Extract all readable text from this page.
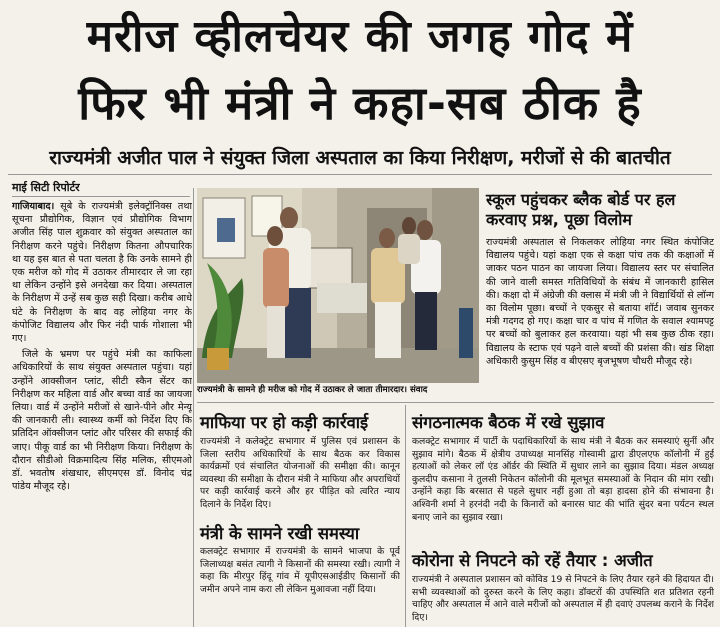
मरीज व्हीलचेयर की जगह गोद में
फिर भी मंत्री ने कहा-सब ठीक है
राज्यमंत्री अजीत पाल ने संयुक्त जिला अस्पताल का किया निरीक्षण, मरीजों से की बातचीत
माई सिटी रिपोर्टर

गाजियाबाद। सूबे के राज्यमंत्री इलेक्ट्रॉनिक्स तथा सूचना प्रौद्योगिक, विज्ञान एवं प्रौद्योगिक विभाग अजीत सिंह पाल शुक्रवार को संयुक्त अस्पताल का निरीक्षण करने पहुंचे। निरीक्षण कितना औपचारिक था यह इस बात से पता चलता है कि उनके सामने ही एक मरीज को गोद में उठाकर तीमारदार ले जा रहा था लेकिन उन्होंने इसे अनदेखा कर दिया। अस्पताल के निरीक्षण में उन्हें सब कुछ सही दिखा। करीब आधे घंटे के निरीक्षण के बाद वह लोहिया नगर के कंपोजिट विद्यालय और फिर नंदी पार्क गोशाला भी गए।

जिले के भ्रमण पर पहुंचे मंत्री का काफिला अधिकारियों के साथ संयुक्त अस्पताल पहुंचा। यहां उन्होंने आक्सीजन प्लांट, सीटी स्कैन सेंटर का निरीक्षण कर महिला वार्ड और बच्चा वार्ड का जायजा लिया। वार्ड में उन्होंने मरीजों से खाने-पीने और मेन्यू की जानकारी ली। स्वास्थ्य कर्मी को निर्देश दिए कि प्रतिदिन ऑक्सीजन प्लांट और परिसर की सफाई की जाए। पीकू वार्ड का भी निरीक्षण किया। निरीक्षण के दौरान सीडीओ विक्रमादित्य सिंह मलिक, सीएमओ डॉ. भवतोष शंखधार, सीएमएस डॉ. विनोद चंद्र पांडेय मौजूद रहे।

राज्यमंत्री के सामने ही मरीज को गोद में उठाकर ले जाता तीमारदार। संवाद
स्कूल पहुंचकर ब्लैक बोर्ड पर हल करवाए प्रश्न, पूछा विलोम

राज्यमंत्री अस्पताल से निकलकर लोहिया नगर स्थित कंपोजिट विद्यालय पहुंचे। यहां कक्षा एक से कक्षा पांच तक की कक्षाओं में जाकर पठन पाठन का जायजा लिया। विद्यालय स्तर पर संचालित की जाने वाली समस्त गतिविधियों के संबंध में जानकारी हासिल की। कक्षा दो में अंग्रेजी की क्लास में मंत्री जी ने विद्यार्थियों से लॉन्ग का विलोम पूछा। बच्चों ने एकसुर से बताया शॉर्ट। जवाब सुनकर मंत्री गदगद हो गए। कक्षा चार व पांच में गणित के सवाल श्यामपट्ट पर बच्चों को बुलाकर हल करवाया। यहां भी सब कुछ ठीक रहा। विद्यालय के स्टाफ एवं पढ़ने वाले बच्चों की प्रशंसा की। खंड शिक्षा अधिकारी कुसुम सिंह व बीएसए बृजभूषण चौधरी मौजूद रहे।

माफिया पर हो कड़ी कार्रवाई

राज्यमंत्री ने कलेक्ट्रेट सभागार में पुलिस एवं प्रशासन के जिला स्तरीय अधिकारियों के साथ बैठक कर विकास कार्यक्रमों एवं संचालित योजनाओं की समीक्षा की। कानून व्यवस्था की समीक्षा के दौरान मंत्री ने माफिया और अपराधियों पर कड़ी कार्रवाई करने और हर पीड़ित को त्वरित न्याय दिलाने के निर्देश दिए।

मंत्री के सामने रखी समस्या

कलक्ट्रेट सभागार में राज्यमंत्री के सामने भाजपा के पूर्व जिलाध्यक्ष बसंत त्यागी ने किसानों की समस्या रखी। त्यागी ने कहा कि मीरपुर हिंदू गांव में यूपीएसआईडीए किसानों की जमीन अपने नाम करा ली लेकिन मुआवजा नहीं दिया।

संगठनात्मक बैठक में रखे सुझाव

कलक्ट्रेट सभागार में पार्टी के पदाधिकारियों के साथ मंत्री ने बैठक कर समस्याएं सुनीं और सुझाव मांगे। बैठक में क्षेत्रीय उपाध्यक्ष मानसिंह गोस्वामी द्वारा डीएलएफ कॉलोनी में हुई हत्याओं को लेकर लॉ एंड ऑर्डर की स्थिति में सुधार लाने का सुझाव दिया। मंडल अध्यक्ष कुलदीप कसाना ने तुलसी निकेतन कॉलोनी की मूलभूत समस्याओं के निदान की मांग रखी। उन्होंने कहा कि बरसात से पहले सुधार नहीं हुआ तो बड़ा हादसा होने की संभावना है। अश्विनी शर्मा ने हरनंदी नदी के किनारों को बनारस घाट की भांति सुंदर बना पर्यटन स्थल बनाए जाने का सुझाव रखा।

कोरोना से निपटने को रहें तैयार : अजीत

राज्यमंत्री ने अस्पताल प्रशासन को कोविड 19 से निपटने के लिए तैयार रहने की हिदायत दी। सभी व्यवस्थाओं को दुरुस्त करने के लिए कहा। डॉक्टरों की उपस्थिति शत प्रतिशत रहनी चाहिए और अस्पताल में आने वाले मरीजों को अस्पताल में ही दवाएं उपलब्ध कराने के निर्देश दिए।
